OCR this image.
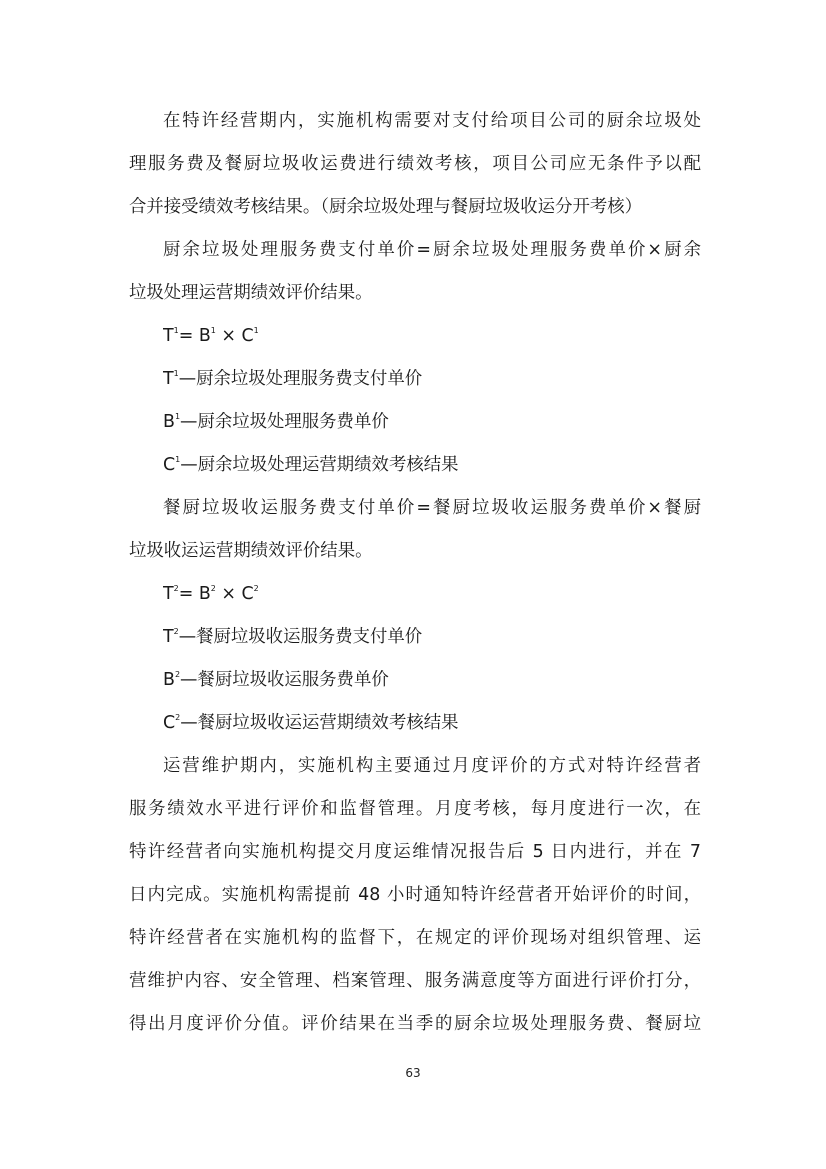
在特许经营期内，实施机构需要对支付给项目公司的厨余垃圾处
理服务费及餐厨垃圾收运费进行绩效考核，项目公司应无条件予以配
合并接受绩效考核结果。（厨余垃圾处理与餐厨垃圾收运分开考核）
厨余垃圾处理服务费支付单价=厨余垃圾处理服务费单价×厨余
垃圾处理运营期绩效评价结果。
$T^1= B^1 \times C^1$
$T^1—$厨余垃圾处理服务费支付单价
$B^1—$厨余垃圾处理服务费单价
$C^1—$厨余垃圾处理运营期绩效考核结果
餐厨垃圾收运服务费支付单价=餐厨垃圾收运服务费单价×餐厨
垃圾收运运营期绩效评价结果。
$T^2= B^2 \times C^2$
$T^2—$餐厨垃圾收运服务费支付单价
$B^2—$餐厨垃圾收运服务费单价
$C^2—$餐厨垃圾收运运营期绩效考核结果
运营维护期内，实施机构主要通过月度评价的方式对特许经营者
服务绩效水平进行评价和监督管理。月度考核，每月度进行一次，在
特许经营者向实施机构提交月度运维情况报告后 5 日内进行，并在 7
日内完成。实施机构需提前 48 小时通知特许经营者开始评价的时间，
特许经营者在实施机构的监督下，在规定的评价现场对组织管理、运
营维护内容、安全管理、档案管理、服务满意度等方面进行评价打分，
得出月度评价分值。评价结果在当季的厨余垃圾处理服务费、餐厨垃
63
